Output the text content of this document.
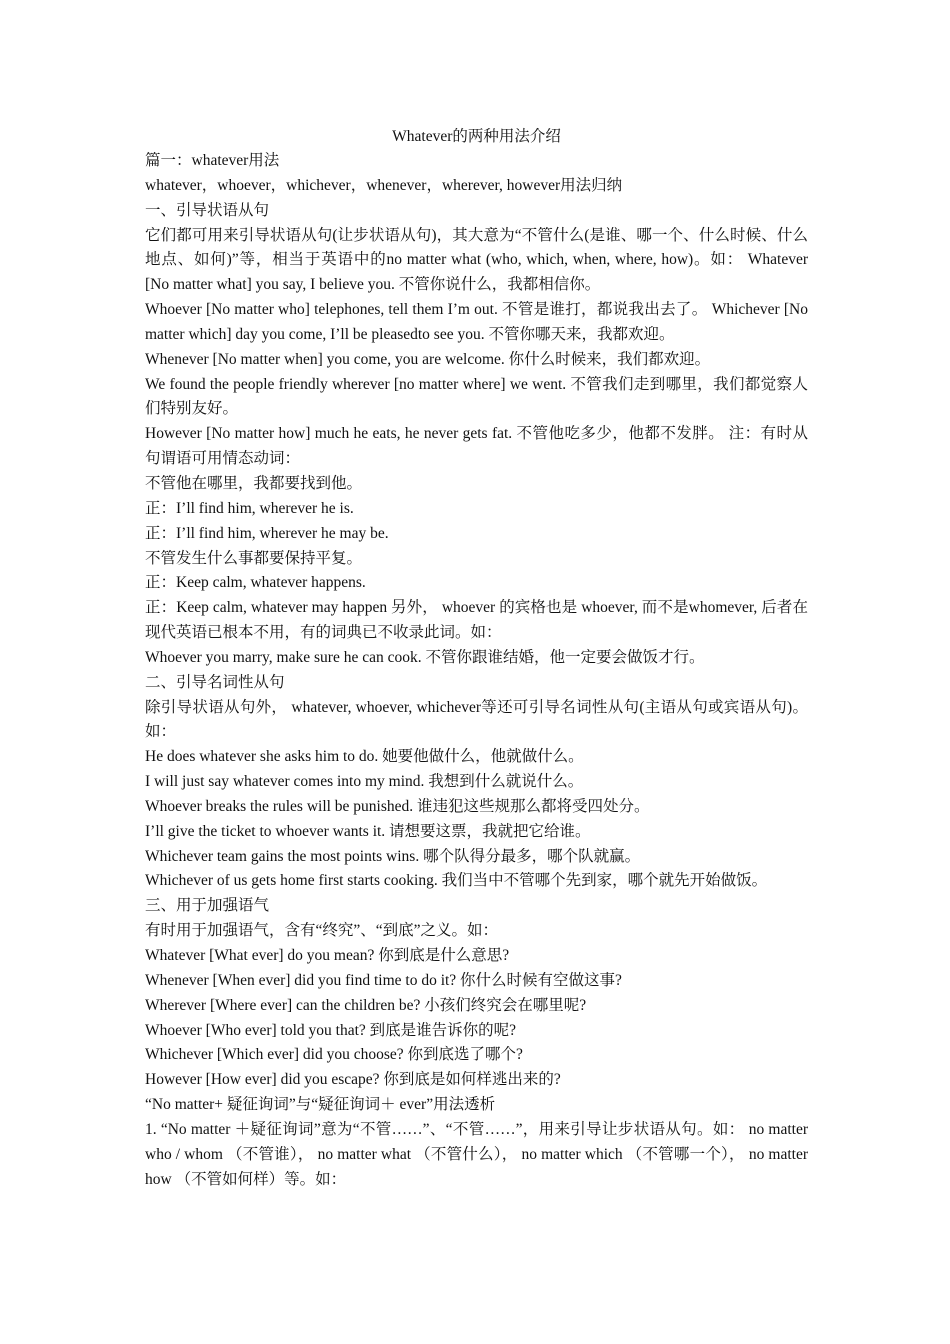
Whatever的两种用法介绍

篇一：whatever用法

whatever，whoever，whichever，whenever，wherever, however用法归纳

一、引导状语从句

它们都可用来引导状语从句(让步状语从句)，其大意为“不管什么(是谁、哪一个、什么时候、什么地点、如何)”等，相当于英语中的no matter what (who, which, when, where, how)。如： Whatever [No matter what] you say, I believe you. 不管你说什么，我都相信你。

Whoever [No matter who] telephones, tell them I’m out. 不管是谁打，都说我出去了。 Whichever [No matter which] day you come, I’ll be pleasedto see you. 不管你哪天来，我都欢迎。

Whenever [No matter when] you come, you are welcome. 你什么时候来，我们都欢迎。

We found the people friendly wherever [no matter where] we went. 不管我们走到哪里，我们都觉察人们特别友好。

However [No matter how] much he eats, he never gets fat. 不管他吃多少，他都不发胖。 注：有时从句谓语可用情态动词：

不管他在哪里，我都要找到他。

正：I’ll find him, wherever he is.

正：I’ll find him, wherever he may be.

不管发生什么事都要保持平复。

正：Keep calm, whatever happens.

正：Keep calm, whatever may happen 另外， whoever 的宾格也是 whoever, 而不是whomever, 后者在现代英语已根本不用，有的词典已不收录此词。如：

Whoever you marry, make sure he can cook. 不管你跟谁结婚，他一定要会做饭才行。

二、引导名词性从句

除引导状语从句外， whatever, whoever, whichever等还可引导名词性从句(主语从句或宾语从句)。如：

He does whatever she asks him to do. 她要他做什么，他就做什么。

I will just say whatever comes into my mind. 我想到什么就说什么。

Whoever breaks the rules will be punished. 谁违犯这些规那么都将受四处分。

I’ll give the ticket to whoever wants it. 请想要这票，我就把它给谁。

Whichever team gains the most points wins. 哪个队得分最多，哪个队就赢。

Whichever of us gets home first starts cooking. 我们当中不管哪个先到家，哪个就先开始做饭。

三、用于加强语气

有时用于加强语气，含有“终究”、“到底”之义。如：

Whatever [What ever] do you mean? 你到底是什么意思?

Whenever [When ever] did you find time to do it? 你什么时候有空做这事?

Wherever [Where ever] can the children be? 小孩们终究会在哪里呢?

Whoever [Who ever] told you that? 到底是谁告诉你的呢?

Whichever [Which ever] did you choose? 你到底选了哪个?

However [How ever] did you escape? 你到底是如何样逃出来的?

“No matter+ 疑征询词”与“疑征询词＋ ever”用法透析

1. “No matter ＋疑征询词”意为“不管……”、“不管……”，用来引导让步状语从句。如： no matter who / whom （不管谁）， no matter what （不管什么）， no matter which （不管哪一个）， no matter how （不管如何样）等。如：
